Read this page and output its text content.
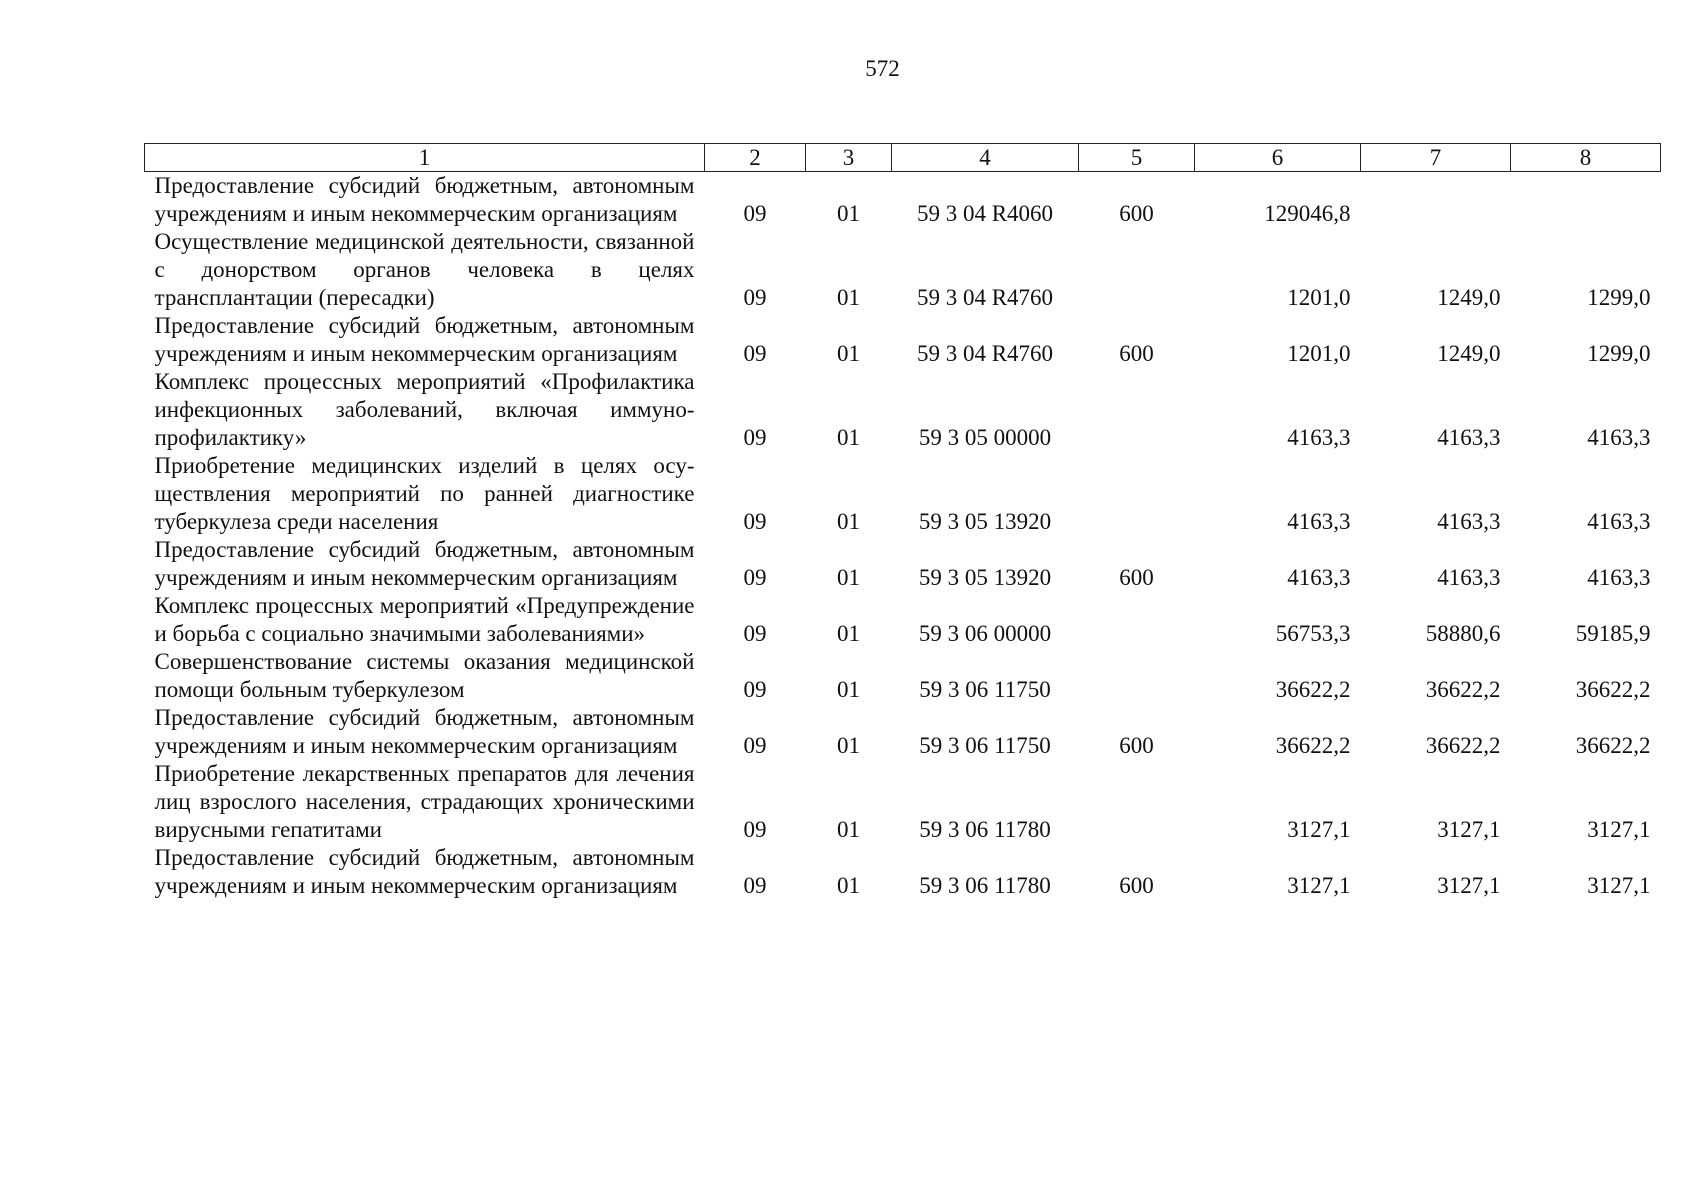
572
1	2	3	4	5	6	7	8
Предоставление субсидий бюджетным, автономным учреждениям и иным некоммерческим организациям	09	01	59 3 04 R4060	600	129046,8		
Осуществление медицинской деятельности, связанной с донорством органов человека в целях трансплантации (пересадки)	09	01	59 3 04 R4760		1201,0	1249,0	1299,0
Предоставление субсидий бюджетным, автономным учреждениям и иным некоммерческим организациям	09	01	59 3 04 R4760	600	1201,0	1249,0	1299,0
Комплекс процессных мероприятий «Профилактика инфекционных заболеваний, включая иммунопрофилактику»	09	01	59 3 05 00000		4163,3	4163,3	4163,3
Приобретение медицинских изделий в целях осуществления мероприятий по ранней диагностике туберкулеза среди населения	09	01	59 3 05 13920		4163,3	4163,3	4163,3
Предоставление субсидий бюджетным, автономным учреждениям и иным некоммерческим организациям	09	01	59 3 05 13920	600	4163,3	4163,3	4163,3
Комплекс процессных мероприятий «Предупреждение и борьба с социально значимыми заболеваниями»	09	01	59 3 06 00000		56753,3	58880,6	59185,9
Совершенствование системы оказания медицинской помощи больным туберкулезом	09	01	59 3 06 11750		36622,2	36622,2	36622,2
Предоставление субсидий бюджетным, автономным учреждениям и иным некоммерческим организациям	09	01	59 3 06 11750	600	36622,2	36622,2	36622,2
Приобретение лекарственных препаратов для лечения лиц взрослого населения, страдающих хроническими вирусными гепатитами	09	01	59 3 06 11780		3127,1	3127,1	3127,1
Предоставление субсидий бюджетным, автономным учреждениям и иным некоммерческим организациям	09	01	59 3 06 11780	600	3127,1	3127,1	3127,1
